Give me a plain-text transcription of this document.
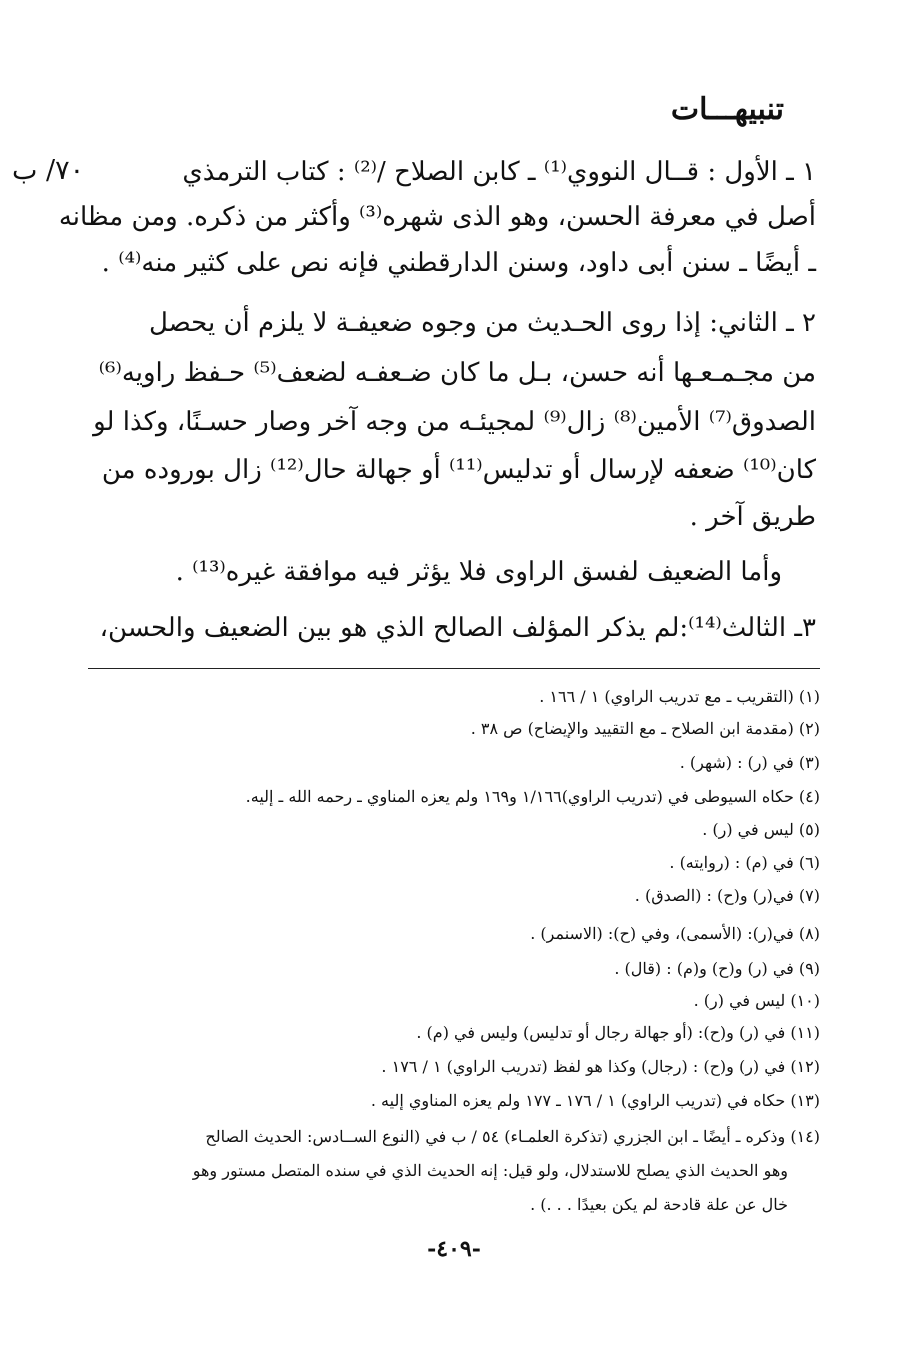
تنبيهـــات
٧٠/ ب	١ ـ الأول : قــال النووي⁽¹⁾ ـ كابن الصلاح /⁽²⁾ : كتاب الترمذي
أصل في معرفة الحسن، وهو الذى شهره⁽³⁾ وأكثر من ذكره. ومن مظانه
ـ أيضًا ـ سنن أبى داود، وسنن الدارقطني فإنه نص على كثير منه⁽⁴⁾ .
٢ ـ الثاني: إذا روى الحـديث من وجوه ضعيفـة لا يلزم أن يحصل
من مجـمـعـها أنه حسن، بـل ما كان ضـعفـه لضعف⁽⁵⁾ حـفظ راويه⁽⁶⁾
الصدوق⁽⁷⁾ الأمين⁽⁸⁾ زال⁽⁹⁾ لمجيئـه من وجه آخر وصار حسـنًا، وكذا لو
كان⁽¹⁰⁾ ضعفه لإرسال أو تدليس⁽¹¹⁾ أو جهالة حال⁽¹²⁾ زال بوروده من
طريق آخر .
وأما الضعيف لفسق الراوى فلا يؤثر فيه موافقة غيره⁽¹³⁾ .
٣ـ الثالث⁽¹⁴⁾:لم يذكر المؤلف الصالح الذي هو بين الضعيف والحسن،
(١) (التقريب ـ مع تدريب الراوي) ١ / ١٦٦ .
(٢) (مقدمة ابن الصلاح ـ مع التقييد والإيضاح) ص ٣٨ .
(٣) في (ر) : (شهر) .
(٤) حكاه السيوطى في (تدريب الراوي)١/١٦٦ و١٦٩ ولم يعزه المناوي ـ رحمه الله ـ إليه.
(٥) ليس في (ر) .
(٦) في (م) : (روايته) .
(٧) في(ر) و(ح) : (الصدق) .
(٨) في(ر): (الأسمى)، وفي (ح): (الاسنمر) .
(٩) في (ر) و(ح) و(م) : (قال) .
(١٠) ليس في (ر) .
(١١) في (ر) و(ح): (أو جهالة رجال أو تدليس) وليس في (م) .
(١٢) في (ر) و(ح) : (رجال) وكذا هو لفظ (تدريب الراوي) ١ / ١٧٦ .
(١٣) حكاه في (تدريب الراوي) ١ / ١٧٦ ـ ١٧٧ ولم يعزه المناوي إليه .
(١٤) وذكره ـ أيضًا ـ ابن الجزري (تذكرة العلمـاء) ٥٤ / ب في (النوع الســادس: الحديث الصالح
وهو الحديث الذي يصلح للاستدلال، ولو قيل: إنه الحديث الذي في سنده المتصل مستور وهو
خال عن علة قادحة لم يكن بعيدًا . . .) .
-٤٠٩-
